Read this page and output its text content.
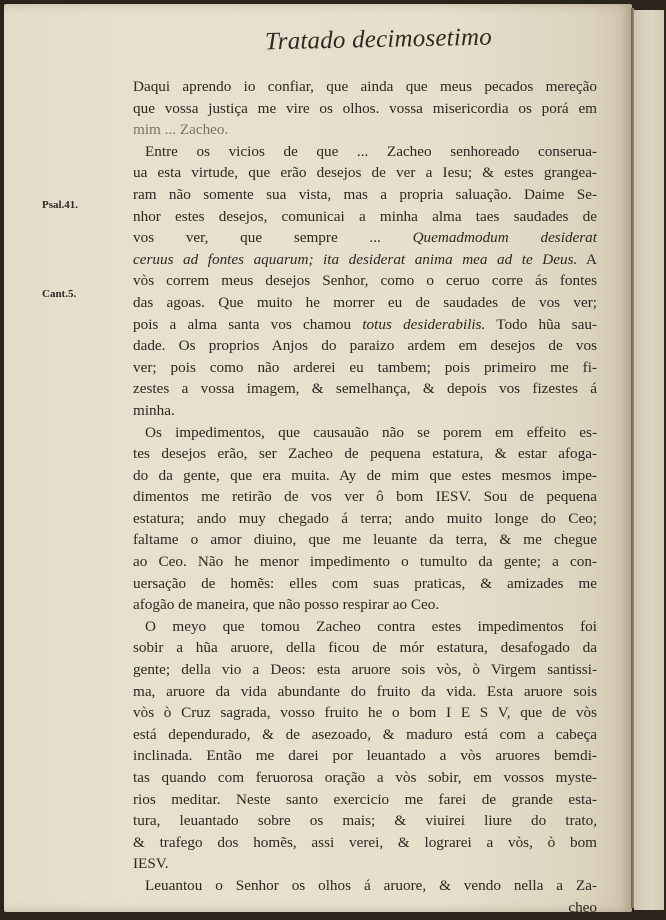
Tratado decimosetimo
Psal.41.
Cant.5.
Daqui aprendo io confiar, que ainda que meus pecados mereção
que vossa justiça me vire os olhos. vossa misericordia os porá em
mim ... Zacheo.
Entre os vicios de que ... Zacheo senhoreado conserua-
ua esta virtude, que erão desejos de ver a Iesu; & estes grangea-
ram não somente sua vista, mas a propria saluação. Daime Se-
nhor estes desejos, comunicai a minha alma taes saudades de
vos ver, que sempre ... Quemadmodum desiderat
ceruus ad fontes aquarum; ita desiderat anima mea ad te Deus. A
vòs correm meus desejos Senhor, como o ceruo corre ás fontes
das agoas. Que muito he morrer eu de saudades de vos ver;
pois a alma santa vos chamou totus desiderabilis. Todo hũa sau-
dade. Os proprios Anjos do paraizo ardem em desejos de vos
ver; pois como não arderei eu tambem; pois primeiro me fi-
zestes a vossa imagem, & semelhança, & depois vos fizestes á
minha.
Os impedimentos, que causauão não se porem em effeito es-
tes desejos erão, ser Zacheo de pequena estatura, & estar afoga-
do da gente, que era muita. Ay de mim que estes mesmos impe-
dimentos me retirão de vos ver ô bom IESV. Sou de pequena
estatura; ando muy chegado á terra; ando muito longe do Ceo;
faltame o amor diuino, que me leuante da terra, & me chegue
ao Ceo. Não he menor impedimento o tumulto da gente; a con-
uersação de homẽs: elles com suas praticas, & amizades me
afogão de maneira, que não posso respirar ao Ceo.
O meyo que tomou Zacheo contra estes impedimentos foi
sobir a hũa aruore, della ficou de mór estatura, desafogado da
gente; della vio a Deos: esta aruore sois vòs, ò Virgem santissi-
ma, aruore da vida abundante do fruito da vida. Esta aruore sois
vòs ò Cruz sagrada, vosso fruito he o bom I E S V, que de vòs
está dependurado, & de asezoado, & maduro está com a cabeça
inclinada. Então me darei por leuantado a vòs aruores bemdi-
tas quando com feruorosa oração a vòs sobir, em vossos myste-
rios meditar. Neste santo exercicio me farei de grande esta-
tura, leuantado sobre os mais; & viuirei liure do trato,
& trafego dos homẽs, assi verei, & lograrei a vòs, ò bom
IESV.
Leuantou o Senhor os olhos á aruore, & vendo nella a Za-
cheo
